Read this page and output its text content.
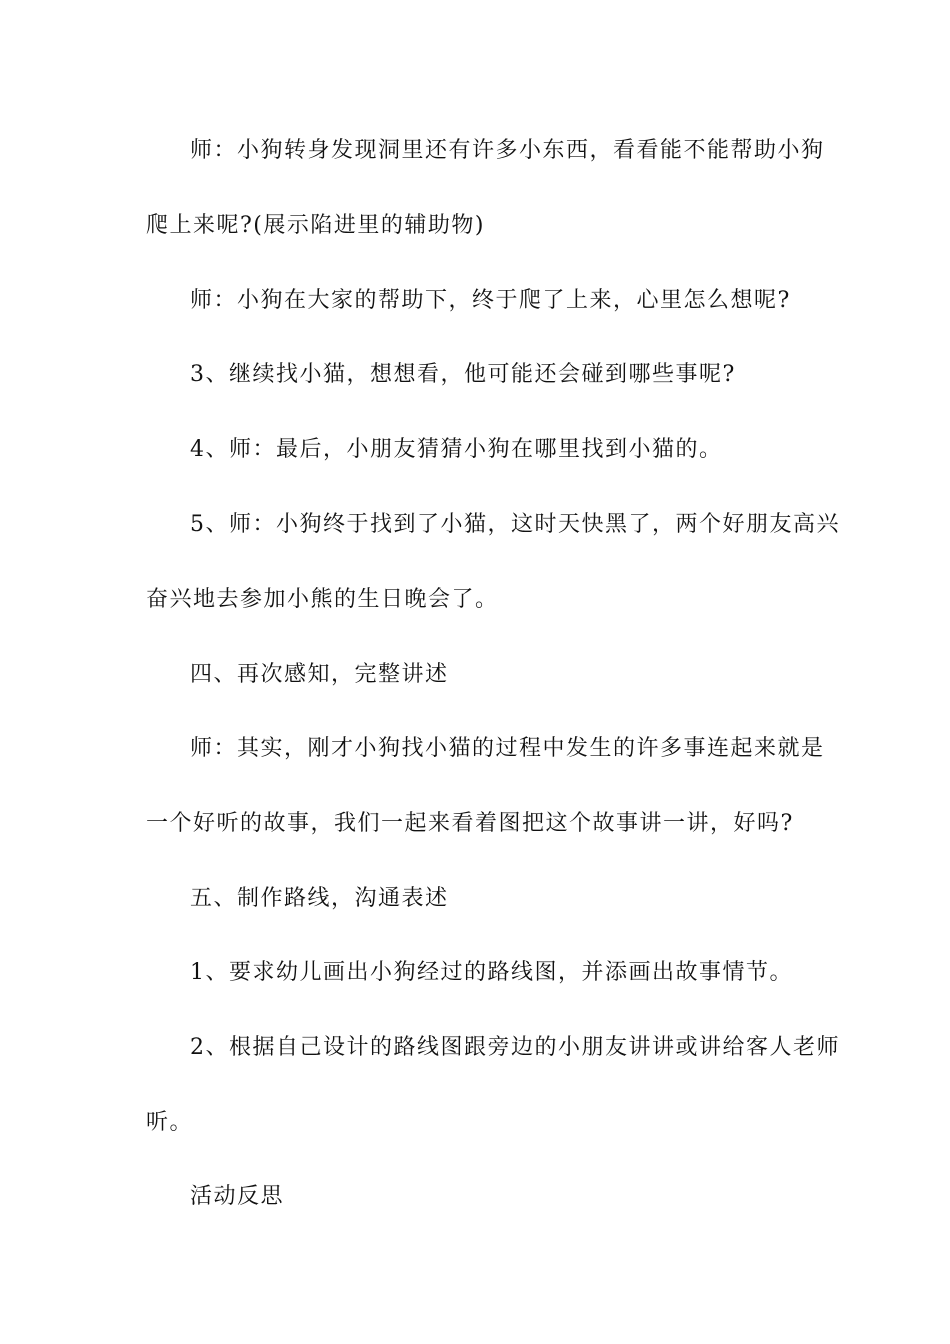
师：小狗转身发现洞里还有许多小东西，看看能不能帮助小狗
爬上来呢?(展示陷进里的辅助物)
师：小狗在大家的帮助下，终于爬了上来，心里怎么想呢?
3、继续找小猫，想想看，他可能还会碰到哪些事呢?
4、师：最后，小朋友猜猜小狗在哪里找到小猫的。
5、师：小狗终于找到了小猫，这时天快黑了，两个好朋友高兴
奋兴地去参加小熊的生日晚会了。
四、再次感知，完整讲述
师：其实，刚才小狗找小猫的过程中发生的许多事连起来就是
一个好听的故事，我们一起来看着图把这个故事讲一讲，好吗?
五、制作路线，沟通表述
1、要求幼儿画出小狗经过的路线图，并添画出故事情节。
2、根据自己设计的路线图跟旁边的小朋友讲讲或讲给客人老师
听。
活动反思
